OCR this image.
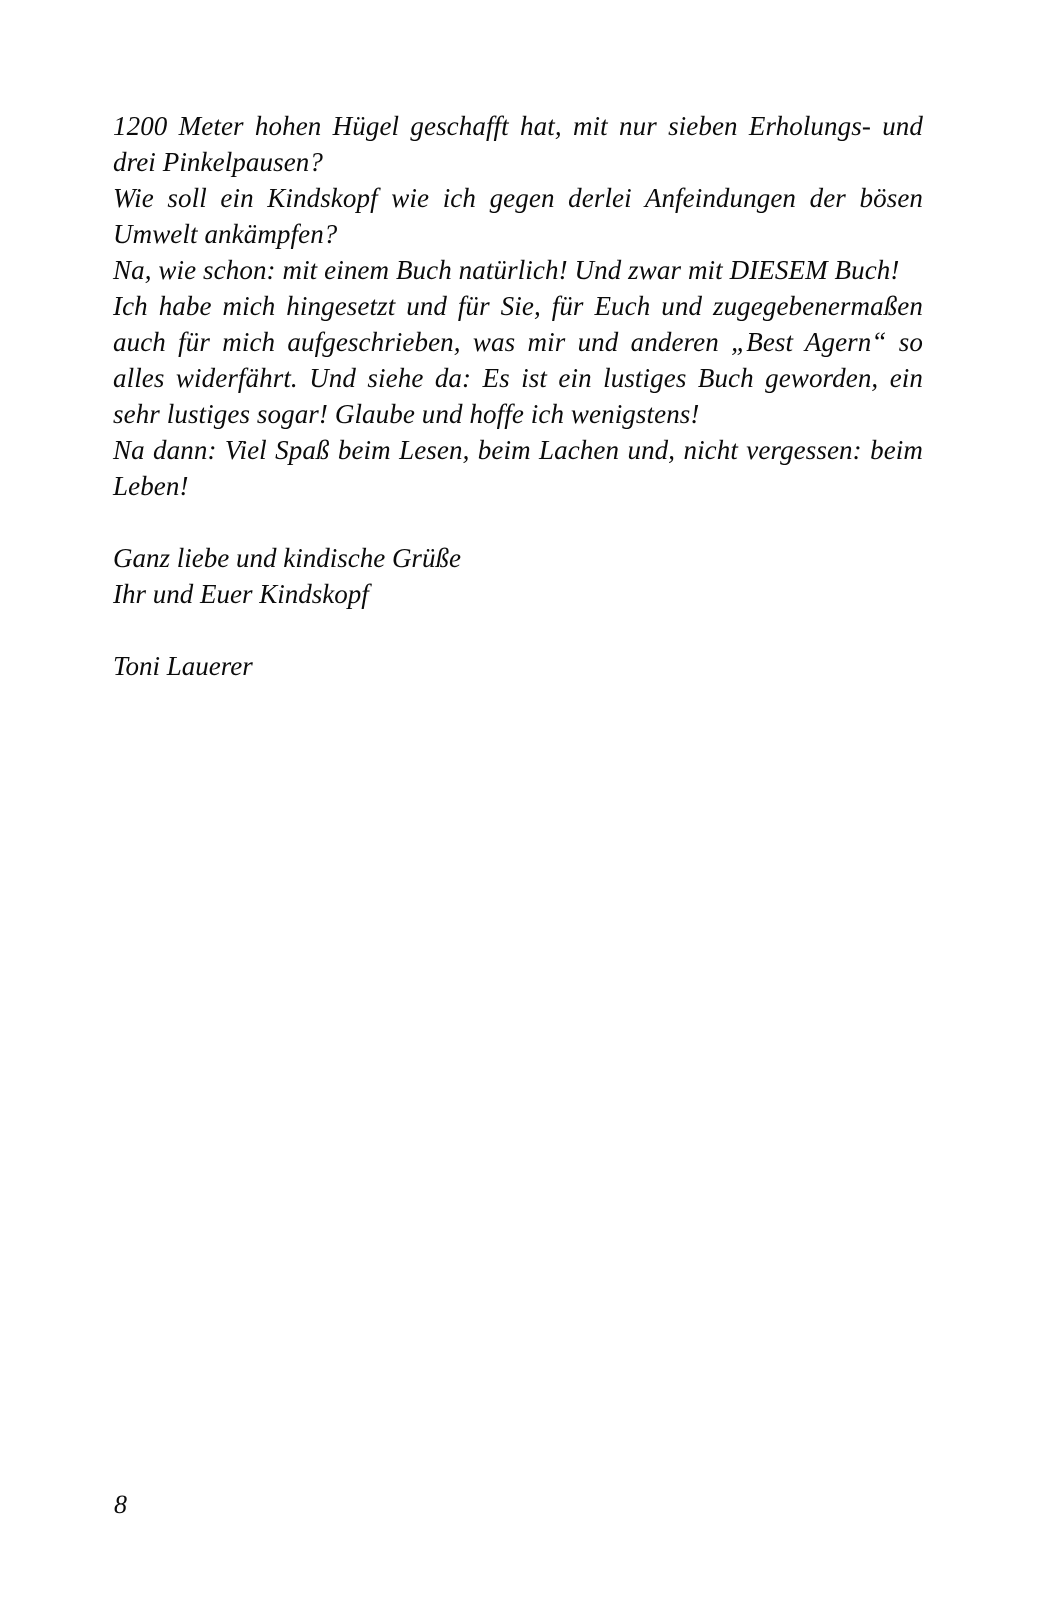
1200 Meter hohen Hügel geschafft hat, mit nur sieben Erholungs- und drei Pinkelpausen?

Wie soll ein Kindskopf wie ich gegen derlei Anfeindungen der bösen Umwelt ankämpfen?

Na, wie schon: mit einem Buch natürlich! Und zwar mit DIESEM Buch!

Ich habe mich hingesetzt und für Sie, für Euch und zugegebenermaßen auch für mich aufgeschrieben, was mir und anderen „Best Agern“ so alles widerfährt. Und siehe da: Es ist ein lustiges Buch geworden, ein sehr lustiges sogar! Glaube und hoffe ich wenigstens!

Na dann: Viel Spaß beim Lesen, beim Lachen und, nicht vergessen: beim Leben!

Ganz liebe und kindische Grüße

Ihr und Euer Kindskopf

Toni Lauerer

8
